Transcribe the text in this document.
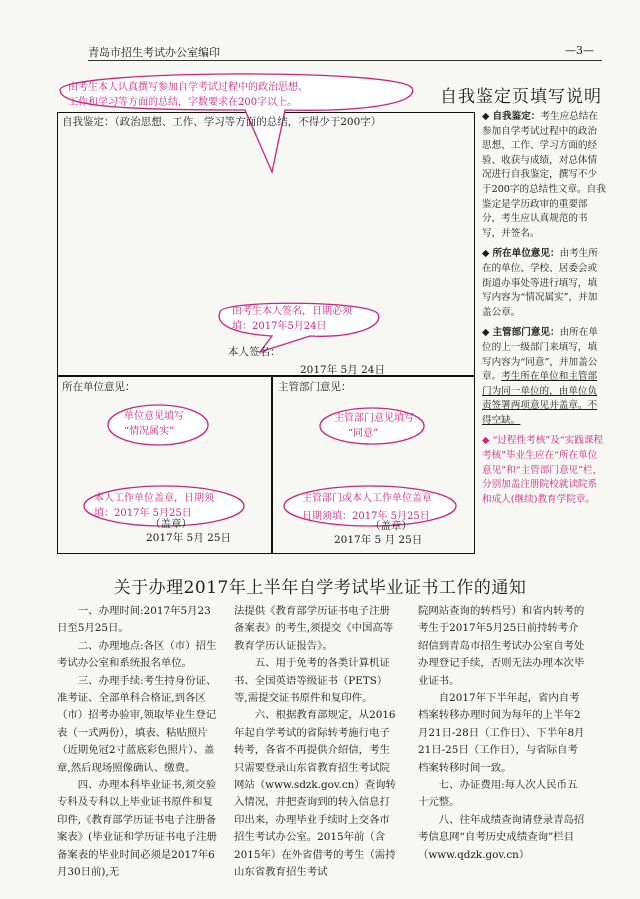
青岛市招生考试办公室编印	—3—
自我鉴定页填写说明
由考生本人认真撰写参加自学考试过程中的政治思想、
工作和学习等方面的总结，字数要求在200字以上。
由考生本人签名，日期必须
填：2017年5月24日
单位意见填写
“情况属实”
主管部门意见填写
“同意”
本人工作单位盖章，日期须
填：2017年 5月25日
主管部门或本人工作单位盖章
日期须填：2017年 5月25日
自我鉴定：（政治思想、工作、学习等方面的总结，不得少于200字）
本人签名：
2017年 5月 24日
所在单位意见：	主管部门意见：
（盖章）
2017年 5月 25日
（盖章）
2017年 5 月 25日

◆ 自我鉴定：考生应总结在参加自学考试过程中的政治思想、工作、学习方面的经验、收获与成绩，对总体情况进行自我鉴定，撰写不少于200字的总结性文章。自我鉴定是学历政审的重要部分，考生应认真规范的书写，并签名。

◆ 所在单位意见：由考生所在的单位、学校、居委会或街道办事处等进行填写，填写内容为“情况属实”，并加盖公章。

◆ 主管部门意见：由所在单位的上一级部门来填写，填写内容为“同意”，并加盖公章。考生所在单位和主管部门为同一单位的，由单位负责签署两项意见并盖章。不得空缺。

◆ “过程性考核”及“实践课程考核”毕业生应在“所在单位意见”和“主管部门意见”栏，分别加盖注册院校就读院系和成人(继续)教育学院章。

关于办理2017年上半年自学考试毕业证书工作的通知

一、办理时间:2017年5月23日至5月25日。

二、办理地点:各区（市）招生考试办公室和系统报名单位。

三、办理手续:考生持身份证、准考证、全部单科合格证,到各区（市）招考办验审,领取毕业生登记表（一式两份），填表、粘贴照片（近期免冠2寸蓝底彩色照片）、盖章,然后现场照像确认、缴费。

四、办理本科毕业证书,须交验专科及专科以上毕业证书原件和复印件,《教育部学历证书电子注册备案表》(毕业证和学历证书电子注册备案表的毕业时间必须是2017年6月30日前),无

法提供《教育部学历证书电子注册备案表》的考生,须提交《中国高等教育学历认证报告》。

五、用于免考的各类计算机证书、全国英语等级证书（PETS）等,需提交证书原件和复印件。

六、根据教育部规定，从2016年起自学考试的省际转考施行电子转考，各省不再提供介绍信，考生只需要登录山东省教育招生考试院网站（www.sdzk.gov.cn）查询转入情况，并把查询到的转入信息打印出来，办理毕业手续时上交各市招生考试办公室。2015年前（含2015年）在外省借考的考生（需持山东省教育招生考试

院网站查询的转档号）和省内转考的考生于2017年5月25日前持转考介绍信到青岛市招生考试办公室自考处办理登记手续，否则无法办理本次毕业证书。

自2017年下半年起，省内自考档案转移办理时间为每年的上半年2月21日-28日（工作日）、下半年8月21日-25日（工作日），与省际自考档案转移时间一致。

七、办证费用:每人次人民币五十元整。

八、往年成绩查询请登录青岛招考信息网“自考历史成绩查询”栏目（www.qdzk.gov.cn）
